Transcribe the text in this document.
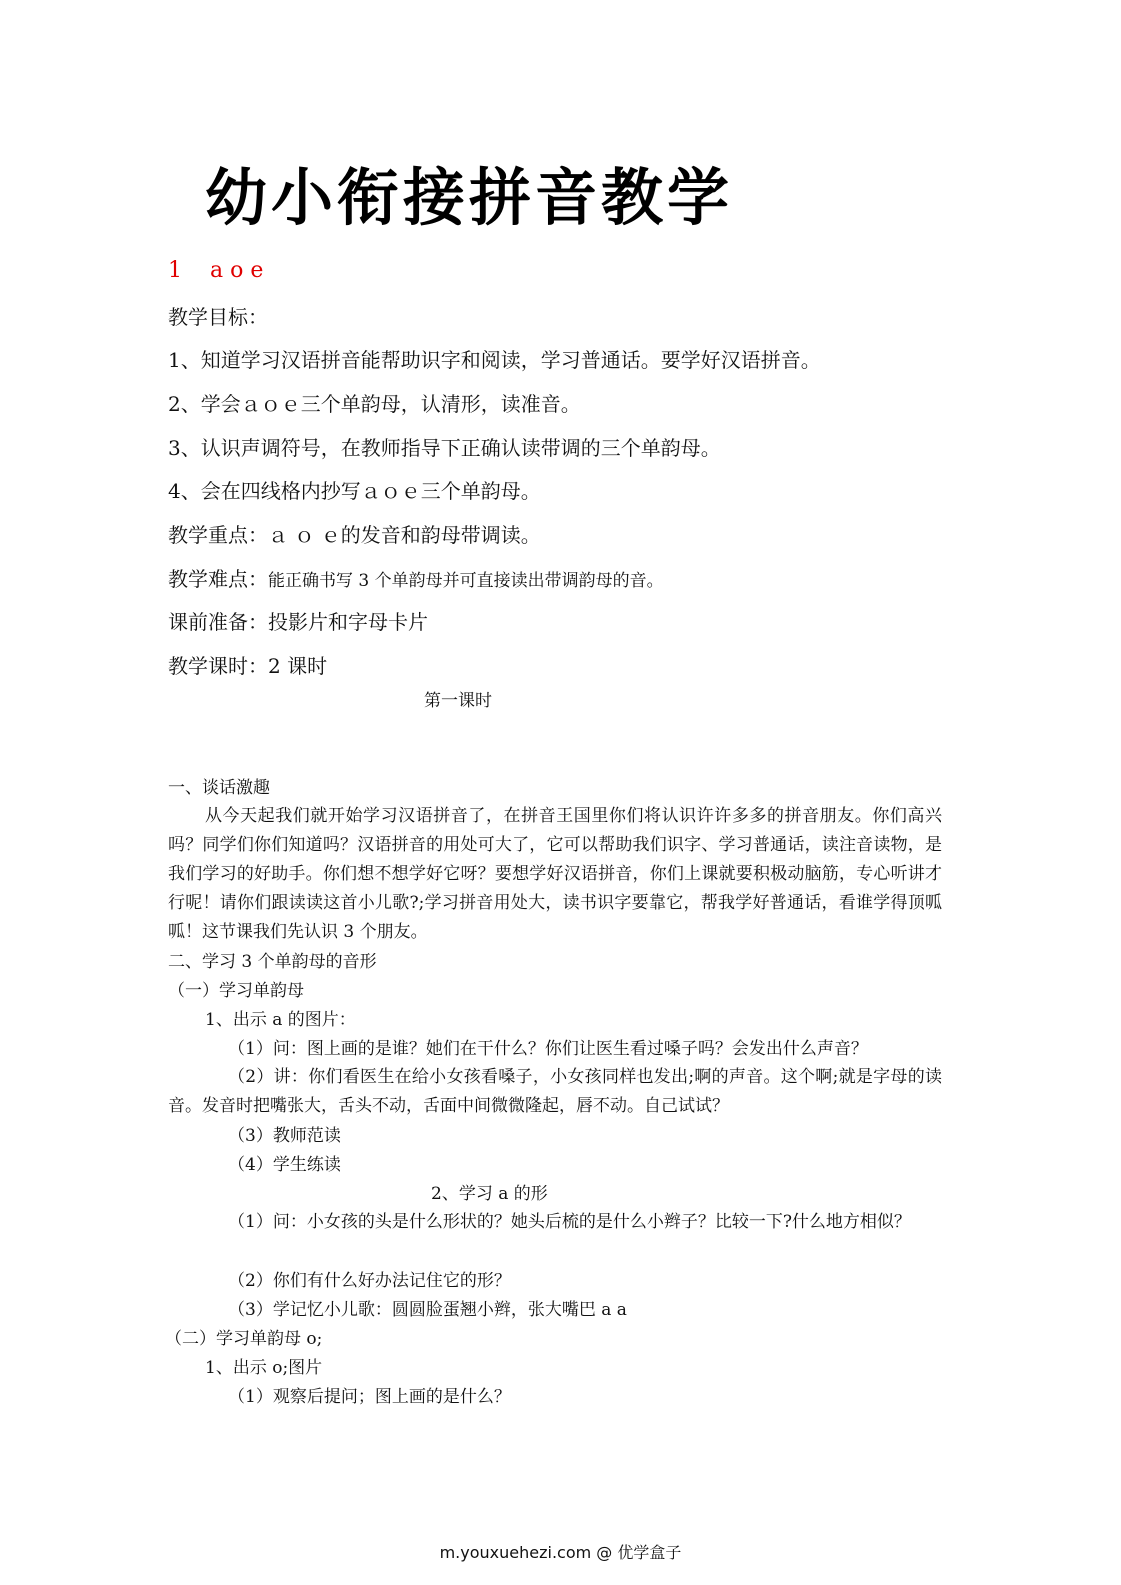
幼小衔接拼音教学
1 a o e
教学目标：
1、知道学习汉语拼音能帮助识字和阅读，学习普通话。要学好汉语拼音。
2、学会ａｏｅ三个单韵母，认清形，读准音。
3、认识声调符号，在教师指导下正确认读带调的三个单韵母。
4、会在四线格内抄写ａｏｅ三个单韵母。
教学重点：ａ ｏ ｅ的发音和韵母带调读。
教学难点：能正确书写 3 个单韵母并可直接读出带调韵母的音。
课前准备：投影片和字母卡片
教学课时：2 课时
第一课时
一、谈话激趣
从今天起我们就开始学习汉语拼音了，在拼音王国里你们将认识许许多多的拼音朋友。你们高兴吗？同学们你们知道吗？汉语拼音的用处可大了，它可以帮助我们识字、学习普通话，读注音读物，是我们学习的好助手。你们想不想学好它呀？要想学好汉语拼音，你们上课就要积极动脑筋，专心听讲才行呢！请你们跟读读这首小儿歌?;学习拼音用处大，读书识字要靠它，帮我学好普通话，看谁学得顶呱呱！这节课我们先认识 3 个朋友。
二、学习 3 个单韵母的音形
（一）学习单韵母
1、出示 a 的图片：
（1）问：图上画的是谁？她们在干什么？你们让医生看过嗓子吗？会发出什么声音？
（2）讲：你们看医生在给小女孩看嗓子，小女孩同样也发出;啊的声音。这个啊;就是字母的读音。发音时把嘴张大，舌头不动，舌面中间微微隆起，唇不动。自己试试？
（3）教师范读
（4）学生练读
2、学习 a 的形
（1）问：小女孩的头是什么形状的？她头后梳的是什么小辫子？比较一下?什么地方相似？
（2）你们有什么好办法记住它的形？
（3）学记忆小儿歌：圆圆脸蛋翘小辫，张大嘴巴 a a
（二）学习单韵母 o;
1、出示 o;图片
（1）观察后提问；图上画的是什么？
m.youxuehezi.com @ 优学盒子
